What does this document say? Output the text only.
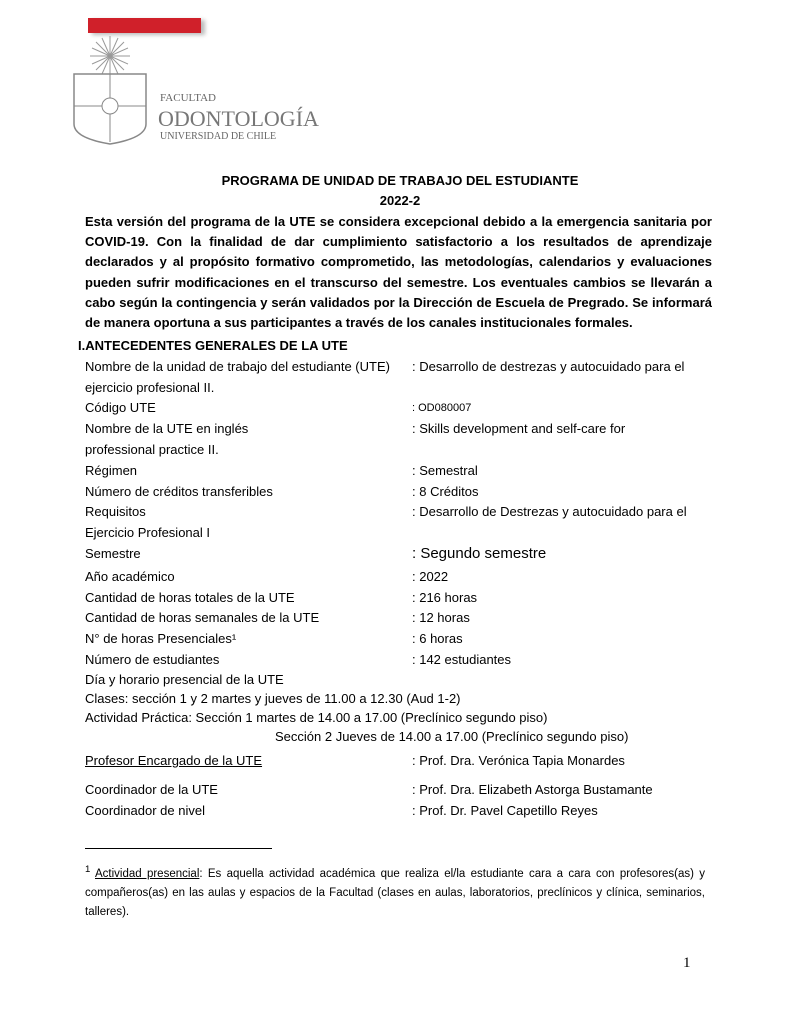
FACULTAD
ODONTOLOGÍA
UNIVERSIDAD DE CHILE
PROGRAMA DE UNIDAD DE TRABAJO DEL ESTUDIANTE
2022-2
Esta versión del programa de la UTE se considera excepcional debido a la emergencia sanitaria por COVID-19. Con la finalidad de dar cumplimiento satisfactorio a los resultados de aprendizaje declarados y al propósito formativo comprometido, las metodologías, calendarios y evaluaciones pueden sufrir modificaciones en el transcurso del semestre. Los eventuales cambios se llevarán a cabo según la contingencia y serán validados por la Dirección de Escuela de Pregrado. Se informará de manera oportuna a sus participantes a través de los canales institucionales formales.
I.ANTECEDENTES GENERALES DE LA UTE
Nombre de la unidad de trabajo del estudiante (UTE) : Desarrollo de destrezas y autocuidado para el
ejercicio profesional II.
Código UTE	: OD080007
Nombre de la UTE en inglés	: Skills development and self-care for
professional practice II.
Régimen	: Semestral
Número de créditos transferibles	: 8 Créditos
Requisitos	: Desarrollo de Destrezas y autocuidado para el
Ejercicio Profesional I
Semestre	: Segundo semestre
Año académico	: 2022
Cantidad de horas totales de la UTE	: 216 horas
Cantidad de horas semanales de la UTE	: 12 horas
N° de horas Presenciales¹	: 6 horas
Número de estudiantes	: 142 estudiantes
Día y horario presencial de la UTE
Clases: sección 1 y 2 martes y jueves de 11.00 a 12.30 (Aud 1-2)
Actividad Práctica: Sección 1 martes de 14.00 a 17.00 (Preclínico segundo piso)
Sección 2 Jueves de 14.00 a 17.00 (Preclínico segundo piso)
Profesor Encargado de la UTE	: Prof. Dra. Verónica Tapia Monardes
Coordinador de la UTE	: Prof. Dra. Elizabeth Astorga Bustamante
Coordinador de nivel	: Prof. Dr. Pavel Capetillo Reyes
$^1$ Actividad presencial: Es aquella actividad académica que realiza el/la estudiante cara a cara con profesores(as) y compañeros(as) en las aulas y espacios de la Facultad (clases en aulas, laboratorios, preclínicos y clínica, seminarios, talleres).
1
